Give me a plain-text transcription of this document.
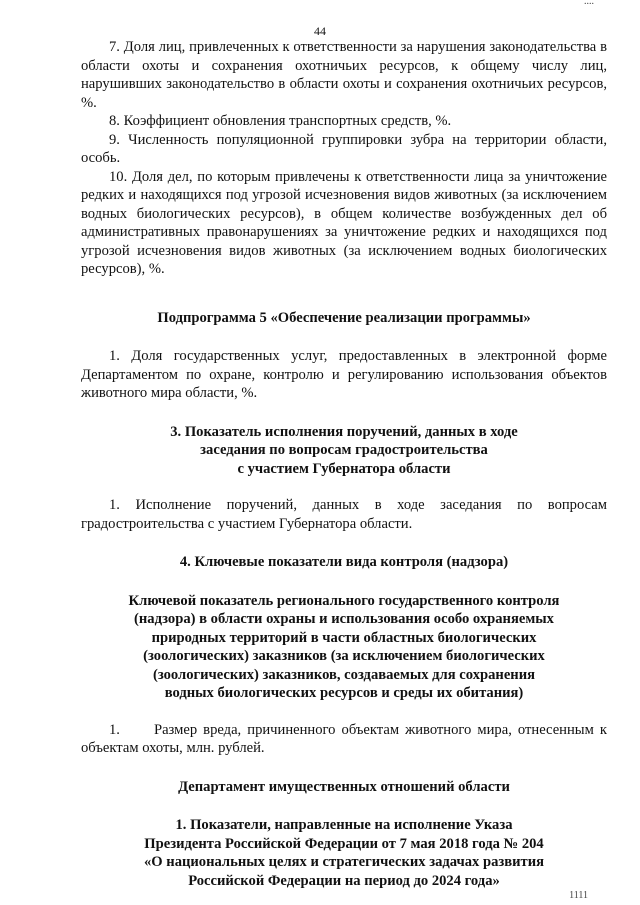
....
44

7. Доля лиц, привлеченных к ответственности за нарушения законодательства в области охоты и сохранения охотничьих ресурсов, к общему числу лиц, нарушивших законодательство в области охоты и сохранения охотничьих ресурсов, %.

8. Коэффициент обновления транспортных средств, %.

9. Численность популяционной группировки зубра на территории области, особь.

10. Доля дел, по которым привлечены к ответственности лица за уничтожение редких и находящихся под угрозой исчезновения видов животных (за исключением водных биологических ресурсов), в общем количестве возбужденных дел об административных правонарушениях за уничтожение редких и находящихся под угрозой исчезновения видов животных (за исключением водных биологических ресурсов), %.

Подпрограмма 5 «Обеспечение реализации программы»

1. Доля государственных услуг, предоставленных в электронной форме Департаментом по охране, контролю и регулированию использования объектов животного мира области, %.

3. Показатель исполнения поручений, данных в ходе

заседания по вопросам градостроительства

с участием Губернатора области

1. Исполнение поручений, данных в ходе заседания по вопросам градостроительства с участием Губернатора области.

4. Ключевые показатели вида контроля (надзора)

Ключевой показатель регионального государственного контроля

(надзора) в области охраны и использования особо охраняемых

природных территорий в части областных биологических

(зоологических) заказников (за исключением биологических

(зоологических) заказников, создаваемых для сохранения

водных биологических ресурсов и среды их обитания)

1. Размер вреда, причиненного объектам животного мира, отнесенным к объектам охоты, млн. рублей.

Департамент имущественных отношений области

1. Показатели, направленные на исполнение Указа

Президента Российской Федерации от 7 мая 2018 года № 204

«О национальных целях и стратегических задачах развития

Российской Федерации на период до 2024 года»

1111
